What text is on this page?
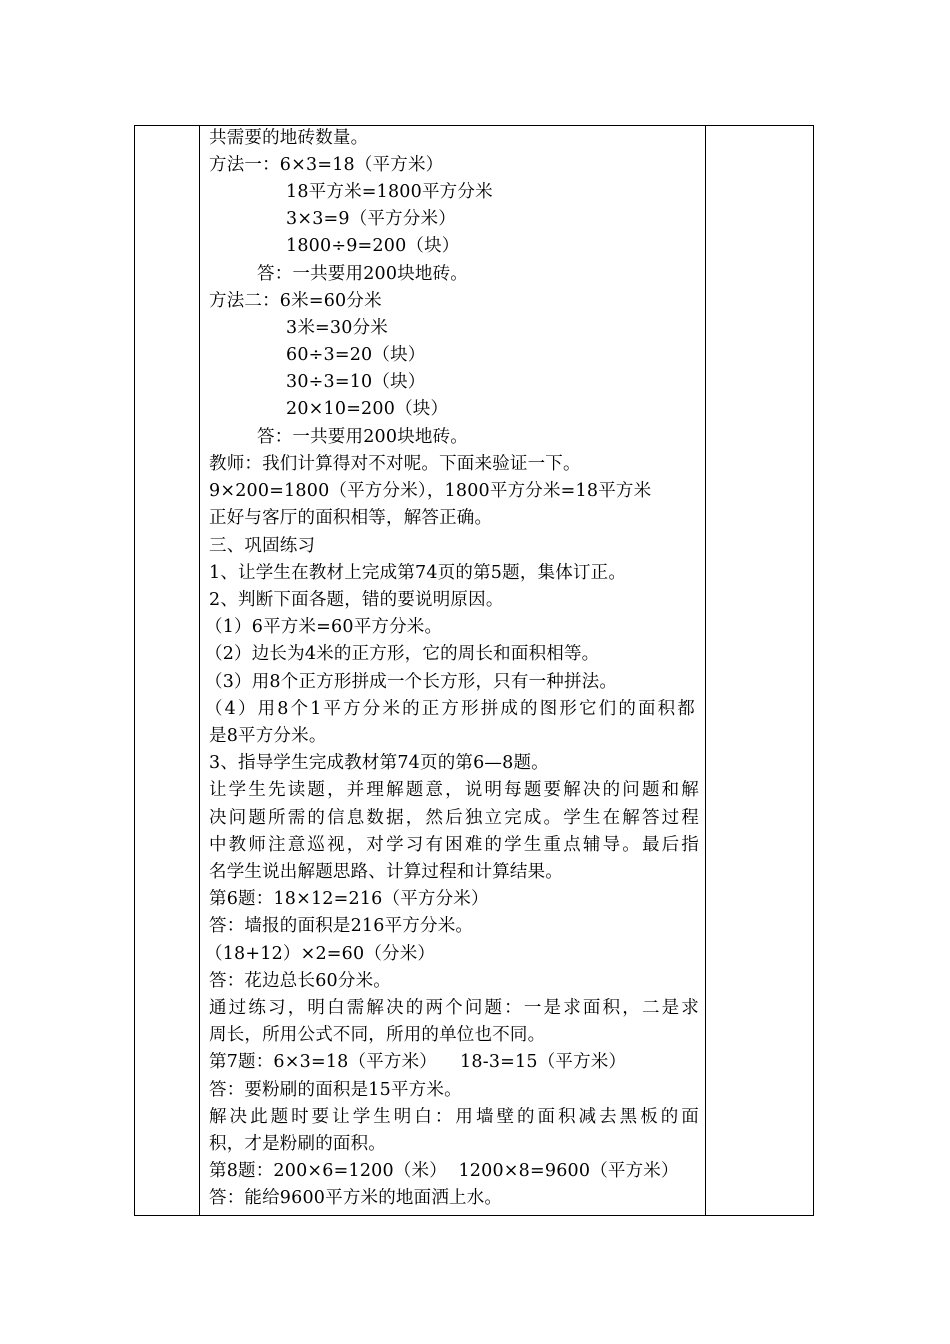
共需要的地砖数量。
方法一：6×3=18（平方米）
18平方米=1800平方分米
3×3=9（平方分米）
1800÷9=200（块）
答：一共要用200块地砖。
方法二：6米=60分米
3米=30分米
60÷3=20（块）
30÷3=10（块）
20×10=200（块）
答：一共要用200块地砖。
教师：我们计算得对不对呢。下面来验证一下。
9×200=1800（平方分米），1800平方分米=18平方米
正好与客厅的面积相等，解答正确。
三、巩固练习
1、让学生在教材上完成第74页的第5题，集体订正。
2、判断下面各题，错的要说明原因。
（1）6平方米=60平方分米。
（2）边长为4米的正方形，它的周长和面积相等。
（3）用8个正方形拼成一个长方形，只有一种拼法。
（4）用8个1平方分米的正方形拼成的图形它们的面积都
是8平方分米。
3、指导学生完成教材第74页的第6—8题。
让学生先读题，并理解题意，说明每题要解决的问题和解
决问题所需的信息数据，然后独立完成。学生在解答过程
中教师注意巡视，对学习有困难的学生重点辅导。最后指
名学生说出解题思路、计算过程和计算结果。
第6题：18×12=216（平方分米）
答：墙报的面积是216平方分米。
（18+12）×2=60（分米）
答：花边总长60分米。
通过练习，明白需解决的两个问题：一是求面积，二是求
周长，所用公式不同，所用的单位也不同。
第7题：6×3=18（平方米）    18-3=15（平方米）
答：要粉刷的面积是15平方米。
解决此题时要让学生明白：用墙壁的面积减去黑板的面
积，才是粉刷的面积。
第8题：200×6=1200（米）  1200×8=9600（平方米）
答：能给9600平方米的地面洒上水。
